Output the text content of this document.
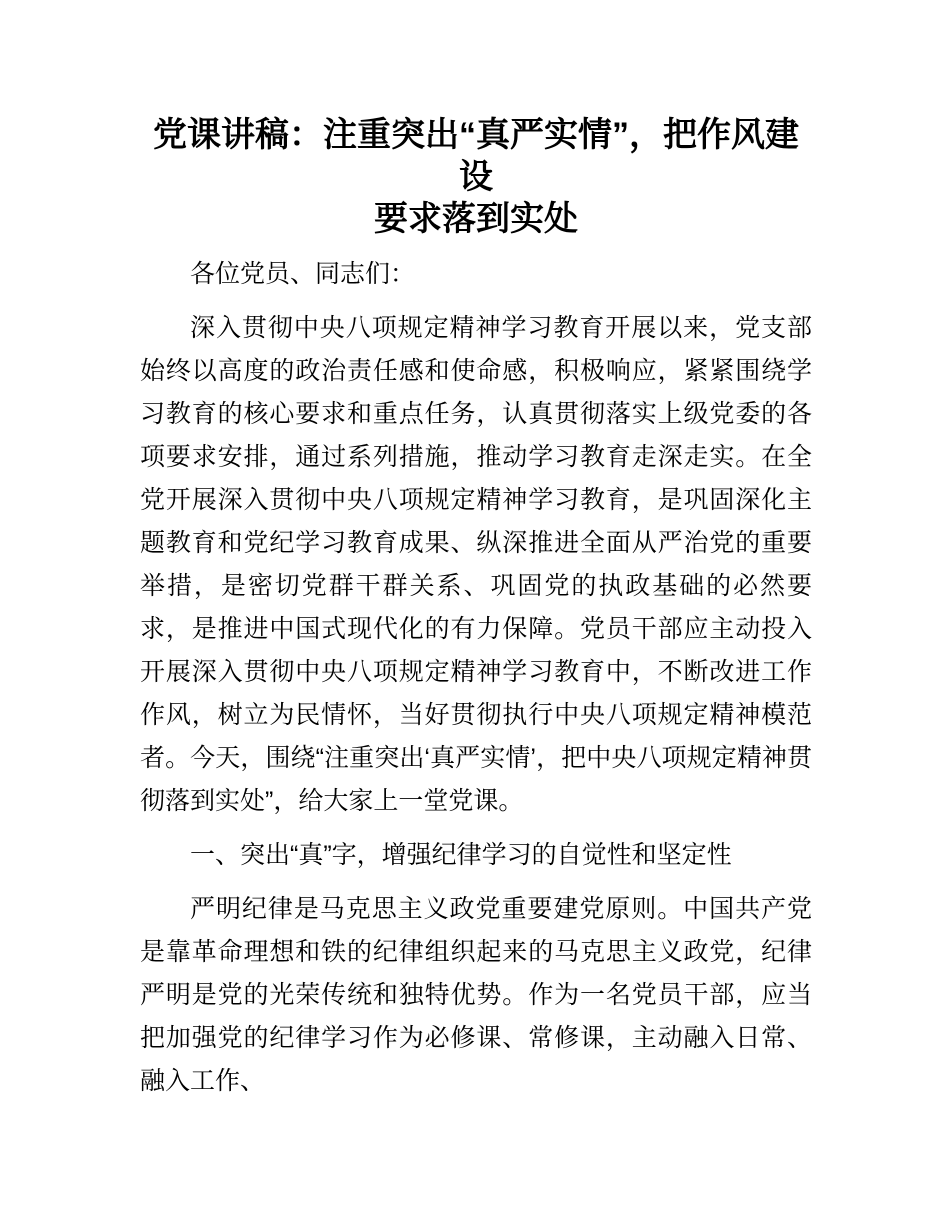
党课讲稿：注重突出“真严实情”，把作风建设
要求落到实处

各位党员、同志们：

深入贯彻中央八项规定精神学习教育开展以来，党支部始终以高度的政治责任感和使命感，积极响应，紧紧围绕学习教育的核心要求和重点任务，认真贯彻落实上级党委的各项要求安排，通过系列措施，推动学习教育走深走实。在全党开展深入贯彻中央八项规定精神学习教育，是巩固深化主题教育和党纪学习教育成果、纵深推进全面从严治党的重要举措，是密切党群干群关系、巩固党的执政基础的必然要求，是推进中国式现代化的有力保障。党员干部应主动投入开展深入贯彻中央八项规定精神学习教育中，不断改进工作作风，树立为民情怀，当好贯彻执行中央八项规定精神模范者。今天，围绕“注重突出‘真严实情’，把中央八项规定精神贯彻落到实处”，给大家上一堂党课。

一、突出“真”字，增强纪律学习的自觉性和坚定性

严明纪律是马克思主义政党重要建党原则。中国共产党是靠革命理想和铁的纪律组织起来的马克思主义政党，纪律严明是党的光荣传统和独特优势。作为一名党员干部，应当把加强党的纪律学习作为必修课、常修课，主动融入日常、融入工作、
